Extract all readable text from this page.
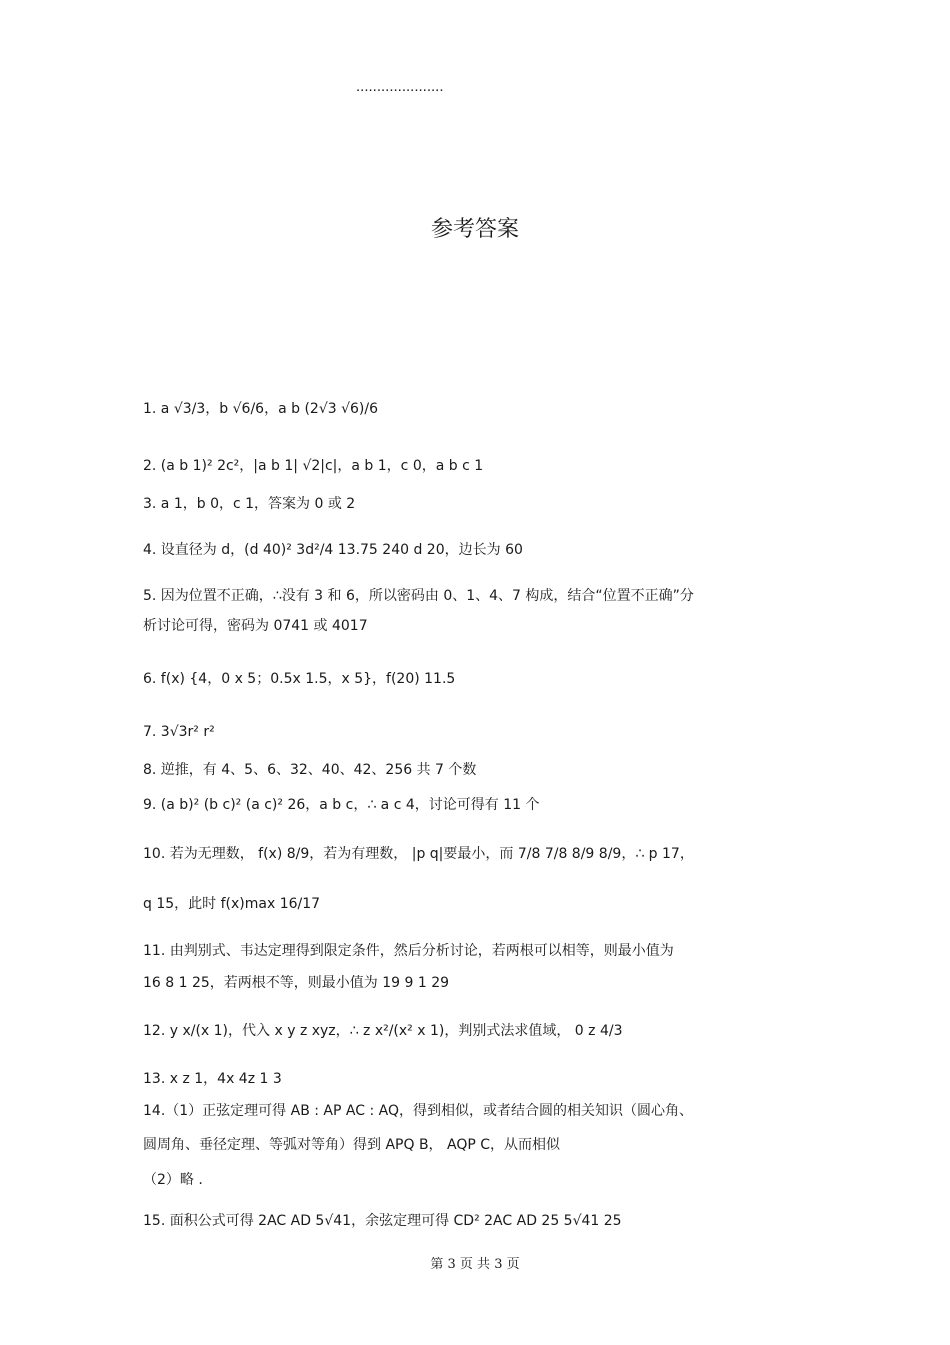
.....................
参考答案
1. a √3/3，b √6/6，a b (2√3 √6)/6
2. (a b 1)² 2c²，|a b 1| √2|c|，a b 1，c 0，a b c 1
3. a 1，b 0，c 1，答案为 0 或 2
4. 设直径为 d，(d 40)² 3d²/4 13.75 240 d 20，边长为 60
5. 因为位置不正确，∴没有 3 和 6，所以密码由 0、1、4、7 构成，结合“位置不正确”分
析讨论可得，密码为 0741 或 4017
6. f(x) {4，0 x 5；0.5x 1.5，x 5}，f(20) 11.5
7. 3√3r² r²
8. 逆推，有 4、5、6、32、40、42、256 共 7 个数
9. (a b)² (b c)² (a c)² 26，a b c，∴ a c 4，讨论可得有 11 个
10. 若为无理数， f(x) 8/9，若为有理数， |p q|要最小，而 7/8 7/8 8/9 8/9，∴ p 17，
q 15，此时 f(x)max 16/17
11. 由判别式、韦达定理得到限定条件，然后分析讨论，若两根可以相等，则最小值为
16 8 1 25，若两根不等，则最小值为 19 9 1 29
12. y x/(x 1)，代入 x y z xyz，∴ z x²/(x² x 1)，判别式法求值域， 0 z 4/3
13. x z 1，4x 4z 1 3
14.（1）正弦定理可得 AB : AP AC : AQ，得到相似，或者结合圆的相关知识（圆心角、
圆周角、垂径定理、等弧对等角）得到 APQ B， AQP C，从而相似
（2）略 .
15. 面积公式可得 2AC AD 5√41，余弦定理可得 CD² 2AC AD 25 5√41 25
第 3 页 共 3 页
